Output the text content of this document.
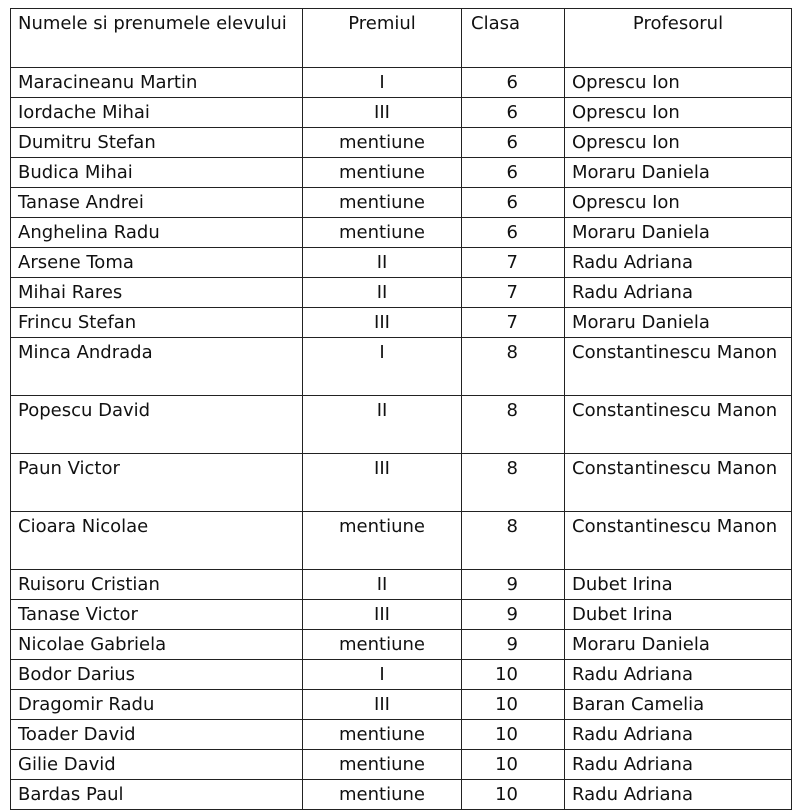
Numele si prenumele elevului	Premiul	Clasa	Profesorul
Maracineanu Martin	I	6	Oprescu Ion
Iordache Mihai	III	6	Oprescu Ion
Dumitru Stefan	mentiune	6	Oprescu Ion
Budica Mihai	mentiune	6	Moraru Daniela
Tanase Andrei	mentiune	6	Oprescu Ion
Anghelina Radu	mentiune	6	Moraru Daniela
Arsene Toma	II	7	Radu Adriana
Mihai Rares	II	7	Radu Adriana
Frincu Stefan	III	7	Moraru Daniela
Minca Andrada	I	8	Constantinescu Manon
Popescu David	II	8	Constantinescu Manon
Paun Victor	III	8	Constantinescu Manon
Cioara Nicolae	mentiune	8	Constantinescu Manon
Ruisoru Cristian	II	9	Dubet Irina
Tanase Victor	III	9	Dubet Irina
Nicolae Gabriela	mentiune	9	Moraru Daniela
Bodor Darius	I	10	Radu Adriana
Dragomir Radu	III	10	Baran Camelia
Toader David	mentiune	10	Radu Adriana
Gilie David	mentiune	10	Radu Adriana
Bardas Paul	mentiune	10	Radu Adriana
